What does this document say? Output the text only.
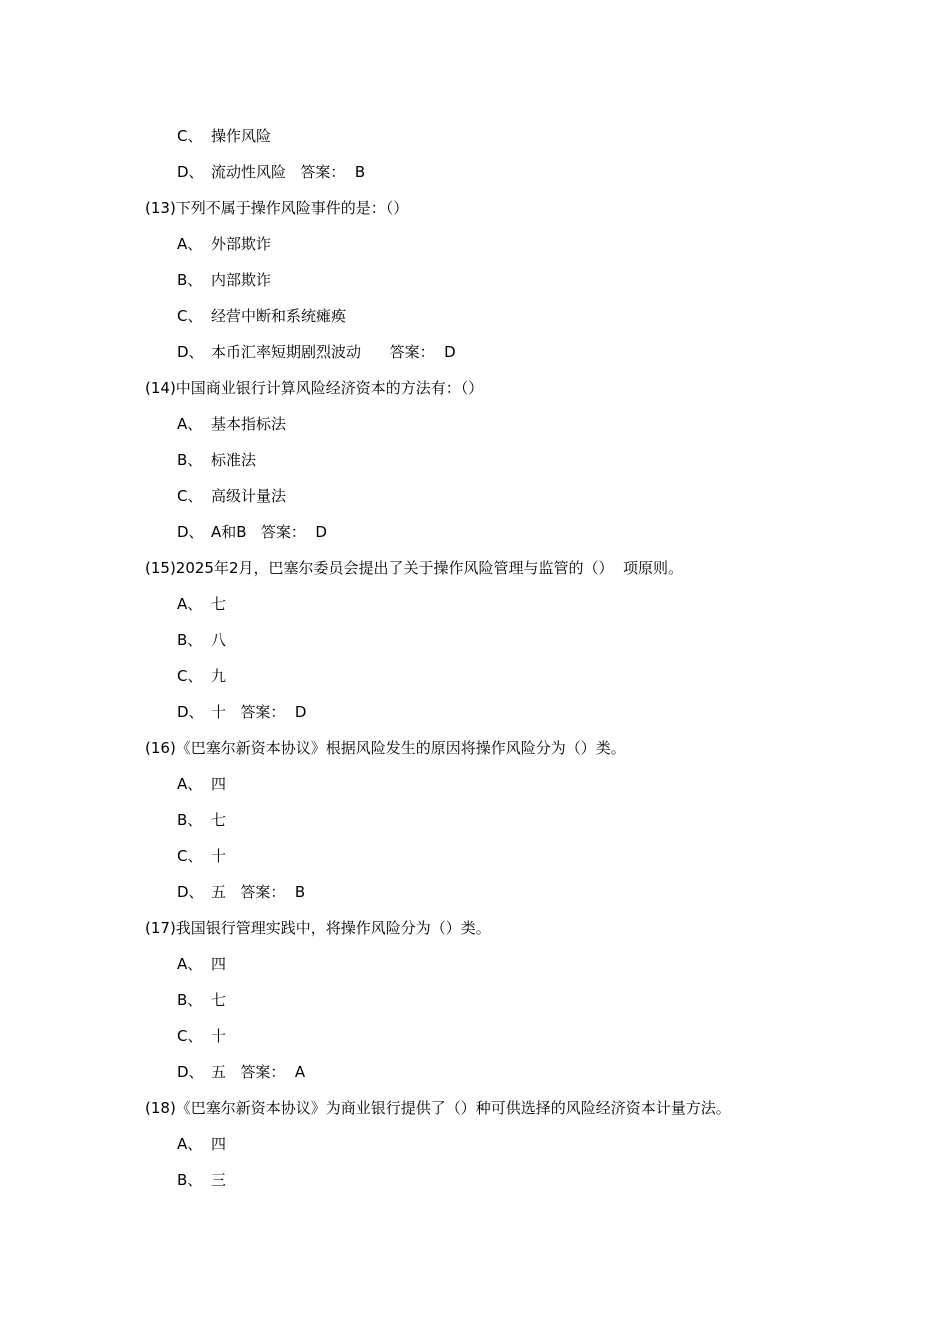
C、 操作风险
D、 流动性风险   答案：  B
(13)下列不属于操作风险事件的是：（）
A、 外部欺诈
B、 内部欺诈
C、 经营中断和系统瘫痪
D、 本币汇率短期剧烈波动      答案：  D
(14)中国商业银行计算风险经济资本的方法有：（）
A、 基本指标法
B、 标准法
C、 高级计量法
D、 A和B   答案：  D
(15)2025年2月，巴塞尔委员会提出了关于操作风险管理与监管的（）  项原则。
A、 七
B、 八
C、 九
D、 十   答案：  D
(16)《巴塞尔新资本协议》根据风险发生的原因将操作风险分为（）类。
A、 四
B、 七
C、 十
D、 五   答案：  B
(17)我国银行管理实践中，将操作风险分为（）类。
A、 四
B、 七
C、 十
D、 五   答案：  A
(18)《巴塞尔新资本协议》为商业银行提供了（）种可供选择的风险经济资本计量方法。
A、 四
B、 三
